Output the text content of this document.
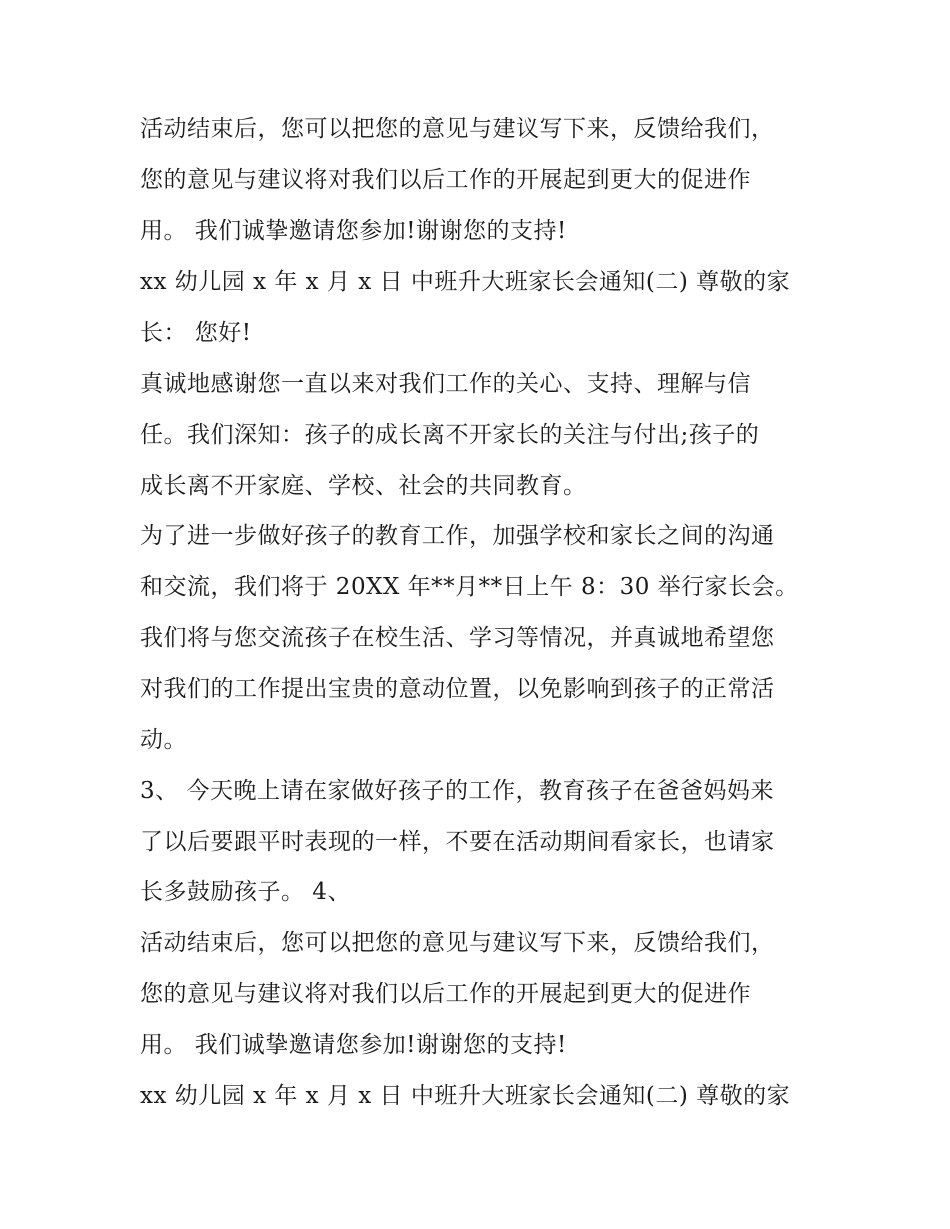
活动结束后，您可以把您的意见与建议写下来，反馈给我们，

您的意见与建议将对我们以后工作的开展起到更大的促进作

用。 我们诚挚邀请您参加!谢谢您的支持!

xx 幼儿园 x 年 x 月 x 日 中班升大班家长会通知(二) 尊敬的家

长： 您好!

真诚地感谢您一直以来对我们工作的关心、支持、理解与信

任。我们深知：孩子的成长离不开家长的关注与付出;孩子的

成长离不开家庭、学校、社会的共同教育。

为了进一步做好孩子的教育工作，加强学校和家长之间的沟通

和交流，我们将于 20XX 年**月**日上午 8：30 举行家长会。

我们将与您交流孩子在校生活、学习等情况，并真诚地希望您

对我们的工作提出宝贵的意动位置，以免影响到孩子的正常活

动。

3、 今天晚上请在家做好孩子的工作，教育孩子在爸爸妈妈来

了以后要跟平时表现的一样，不要在活动期间看家长，也请家

长多鼓励孩子。 4、

活动结束后，您可以把您的意见与建议写下来，反馈给我们，

您的意见与建议将对我们以后工作的开展起到更大的促进作

用。 我们诚挚邀请您参加!谢谢您的支持!

xx 幼儿园 x 年 x 月 x 日 中班升大班家长会通知(二) 尊敬的家
